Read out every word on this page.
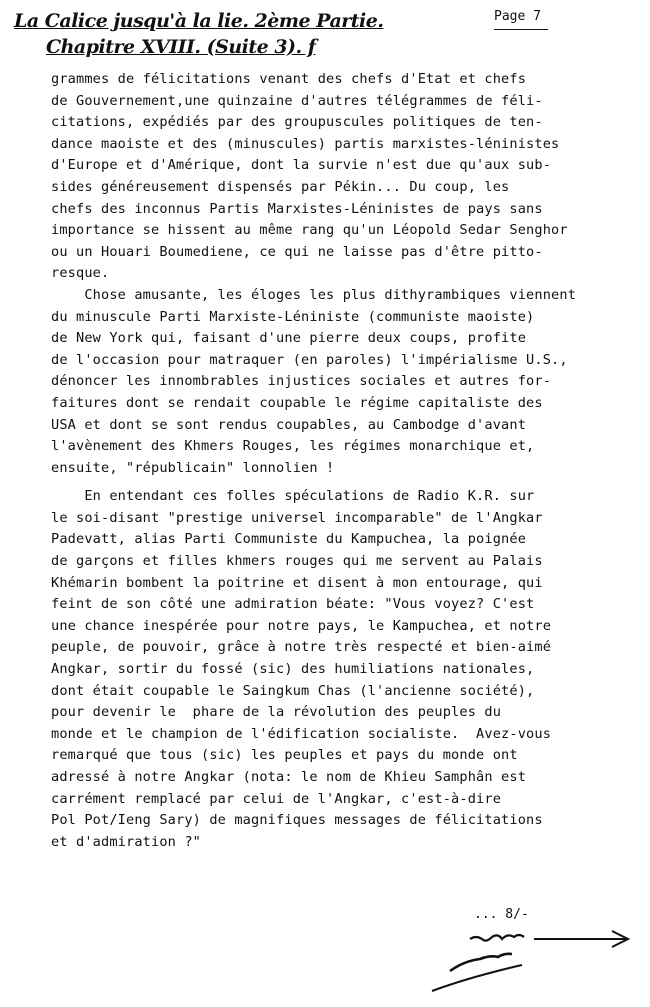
La Calice jusqu'à la lie. 2ème Partie.
Chapitre XVIII. (Suite 3). f
Page 7
grammes de félicitations venant des chefs d'Etat et chefs
de Gouvernement,une quinzaine d'autres télégrammes de féli-
citations, expédiés par des groupuscules politiques de ten-
dance maoiste et des (minuscules) partis marxistes-léninistes
d'Europe et d'Amérique, dont la survie n'est due qu'aux sub-
sides généreusement dispensés par Pékin... Du coup, les
chefs des inconnus Partis Marxistes-Léninistes de pays sans
importance se hissent au même rang qu'un Léopold Sedar Senghor
ou un Houari Boumediene, ce qui ne laisse pas d'être pitto-
resque.
Chose amusante, les éloges les plus dithyrambiques viennent
du minuscule Parti Marxiste-Léniniste (communiste maoiste)
de New York qui, faisant d'une pierre deux coups, profite
de l'occasion pour matraquer (en paroles) l'impérialisme U.S.,
dénoncer les innombrables injustices sociales et autres for-
faitures dont se rendait coupable le régime capitaliste des
USA et dont se sont rendus coupables, au Cambodge d'avant
l'avènement des Khmers Rouges, les régimes monarchique et,
ensuite, "républicain" lonnolien !
En entendant ces folles spéculations de Radio K.R. sur
le soi-disant "prestige universel incomparable" de l'Angkar
Padevatt, alias Parti Communiste du Kampuchea, la poignée
de garçons et filles khmers rouges qui me servent au Palais
Khémarin bombent la poitrine et disent à mon entourage, qui
feint de son côté une admiration béate: "Vous voyez? C'est
une chance inespérée pour notre pays, le Kampuchea, et notre
peuple, de pouvoir, grâce à notre très respecté et bien-aimé
Angkar, sortir du fossé (sic) des humiliations nationales,
dont était coupable le Saingkum Chas (l'ancienne société),
pour devenir le  phare de la révolution des peuples du
monde et le champion de l'édification socialiste.  Avez-vous
remarqué que tous (sic) les peuples et pays du monde ont
adressé à notre Angkar (nota: le nom de Khieu Samphân est
carrément remplacé par celui de l'Angkar, c'est-à-dire
Pol Pot/Ieng Sary) de magnifiques messages de félicitations
et d'admiration ?"
... 8/-
